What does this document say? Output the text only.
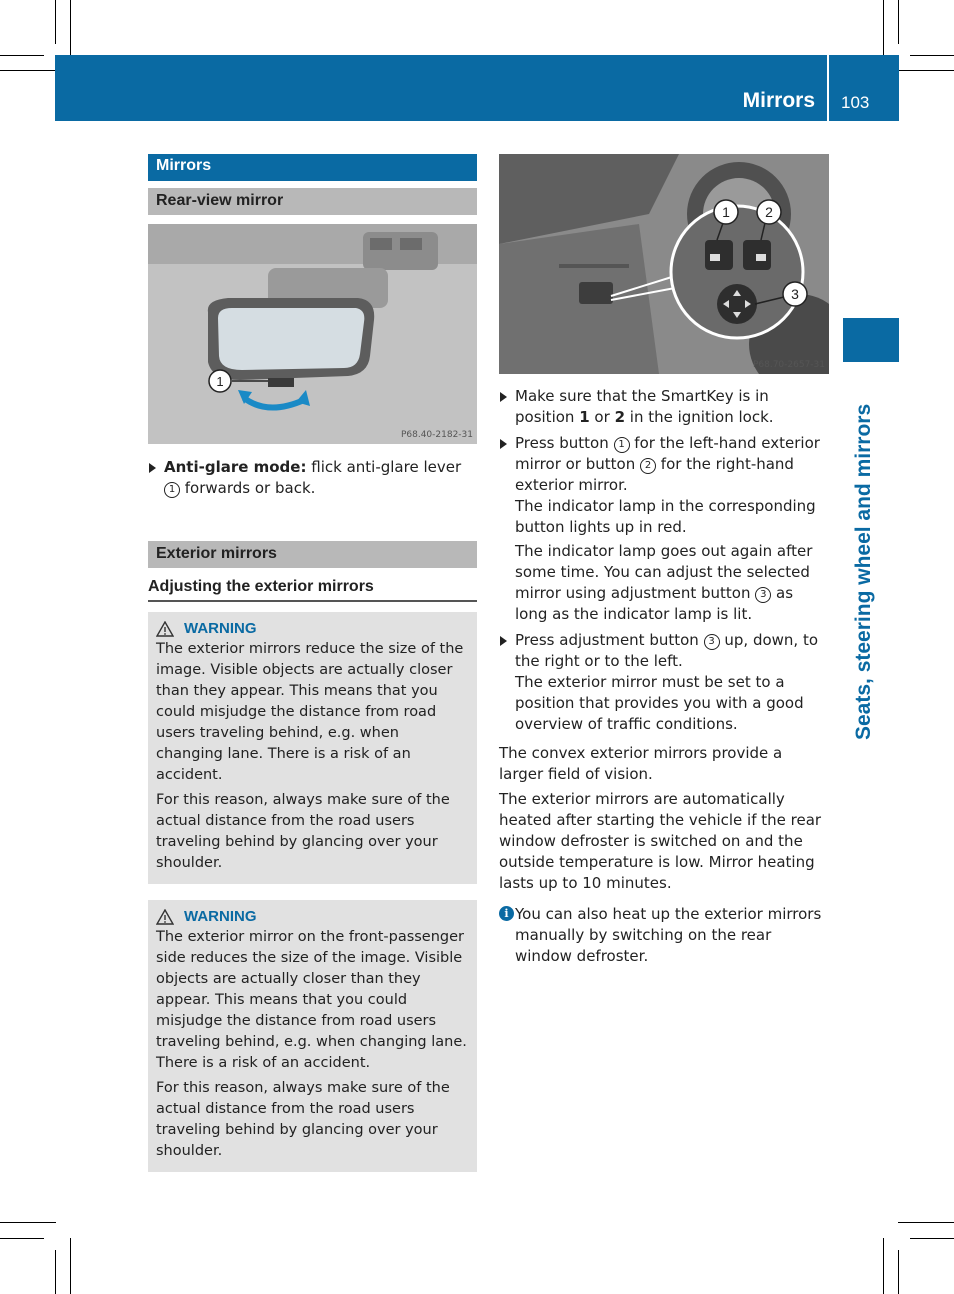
Mirrors 103
Seats, steering wheel and mirrors
Mirrors
Rear-view mirror
1
P68.40-2182-31
Anti-glare mode: flick anti-glare lever 1 forwards or back.
Exterior mirrors
Adjusting the exterior mirrors
WARNING

The exterior mirrors reduce the size of the image. Visible objects are actually closer than they appear. This means that you could misjudge the distance from road users traveling behind, e.g. when changing lane. There is a risk of an accident.

For this reason, always make sure of the actual distance from the road users traveling behind by glancing over your shoulder.

WARNING

The exterior mirror on the front-passenger side reduces the size of the image. Visible objects are actually closer than they appear. This means that you could misjudge the distance from road users traveling behind, e.g. when changing lane. There is a risk of an accident.

For this reason, always make sure of the actual distance from the road users traveling behind by glancing over your shoulder.

1	2
3
P68.70-2657-31
Make sure that the SmartKey is in position 1 or 2 in the ignition lock.
Press button 1 for the left-hand exterior mirror or button 2 for the right-hand exterior mirror.
The indicator lamp in the corresponding button lights up in red.
The indicator lamp goes out again after some time. You can adjust the selected mirror using adjustment button 3 as long as the indicator lamp is lit.
Press adjustment button 3 up, down, to the right or to the left.
The exterior mirror must be set to a position that provides you with a good overview of traffic conditions.

The convex exterior mirrors provide a larger field of vision.

The exterior mirrors are automatically heated after starting the vehicle if the rear window defroster is switched on and the outside temperature is low. Mirror heating lasts up to 10 minutes.

i You can also heat up the exterior mirrors manually by switching on the rear window defroster.
